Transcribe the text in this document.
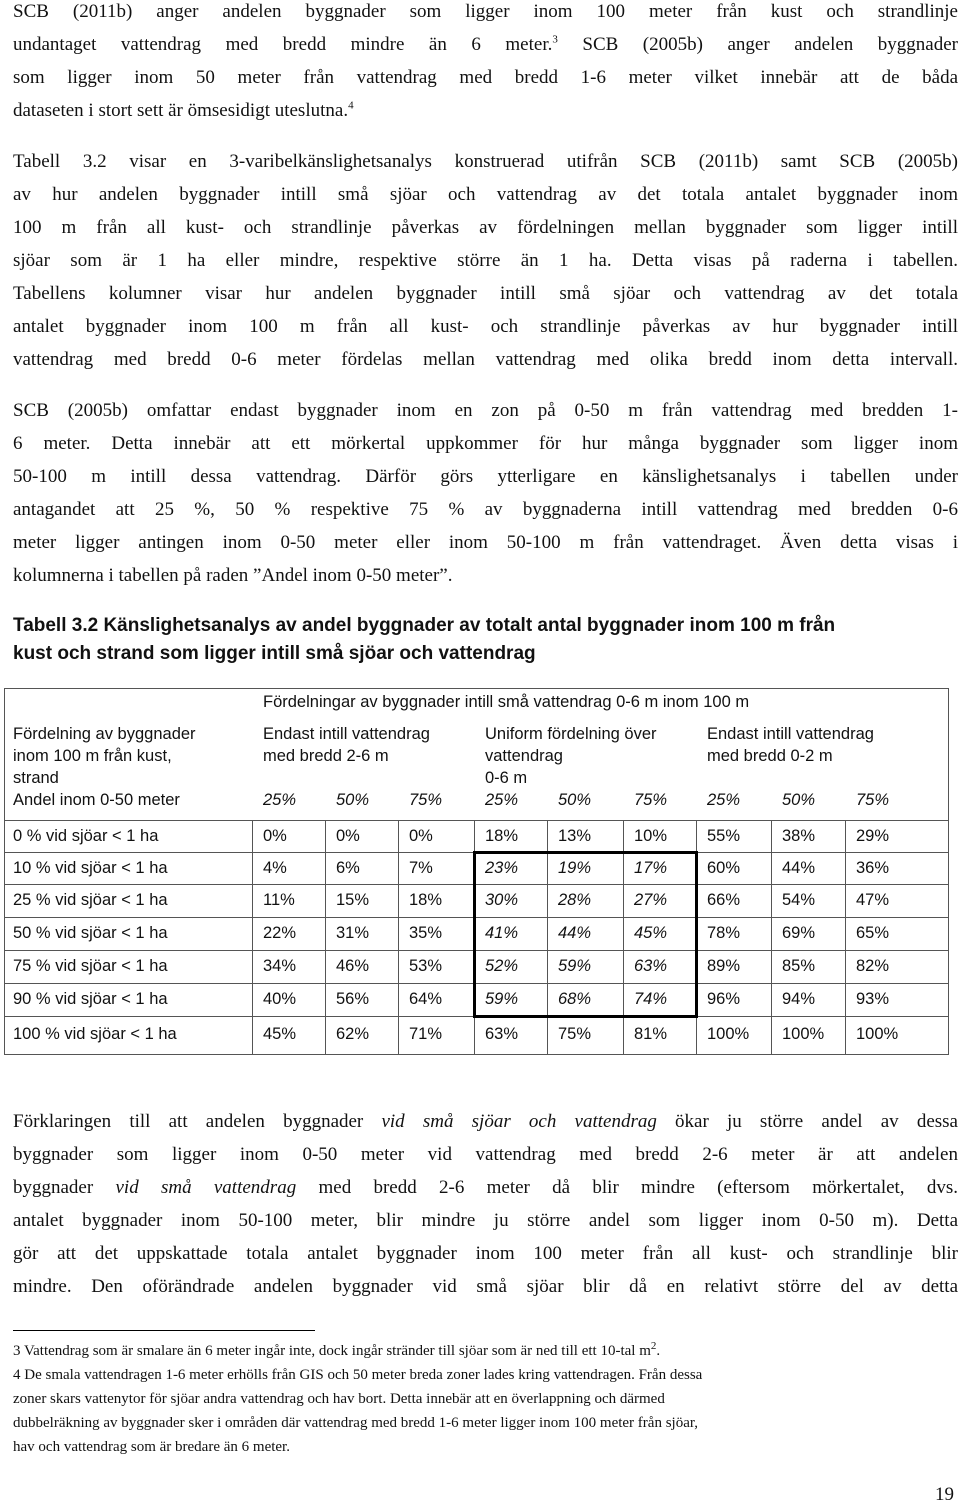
SCB (2011b) anger andelen byggnader som ligger inom 100 meter från kust och strandlinje
undantaget vattendrag med bredd mindre än 6 meter.$^3$ SCB (2005b) anger andelen byggnader
som ligger inom 50 meter från vattendrag med bredd 1-6 meter vilket innebär att de båda
dataseten i stort sett är ömsesidigt uteslutna.$^4$
Tabell 3.2 visar en 3-varibelkänslighetsanalys konstruerad utifrån SCB (2011b) samt SCB (2005b)
av hur andelen byggnader intill små sjöar och vattendrag av det totala antalet byggnader inom
100 m från all kust- och strandlinje påverkas av fördelningen mellan byggnader som ligger intill
sjöar som är 1 ha eller mindre, respektive större än 1 ha. Detta visas på raderna i tabellen.
Tabellens kolumner visar hur andelen byggnader intill små sjöar och vattendrag av det totala
antalet byggnader inom 100 m från all kust- och strandlinje påverkas av hur byggnader intill
vattendrag med bredd 0-6 meter fördelas mellan vattendrag med olika bredd inom detta intervall.
SCB (2005b) omfattar endast byggnader inom en zon på 0-50 m från vattendrag med bredden 1-
6 meter. Detta innebär att ett mörkertal uppkommer för hur många byggnader som ligger inom
50-100 m intill dessa vattendrag. Därför görs ytterligare en känslighetsanalys i tabellen under
antagandet att 25 %, 50 % respektive 75 % av byggnaderna intill vattendrag med bredden 0-6
meter ligger antingen inom 0-50 meter eller inom 50-100 m från vattendraget. Även detta visas i
kolumnerna i tabellen på raden ”Andel inom 0-50 meter”.
Tabell 3.2 Känslighetsanalys av andel byggnader av totalt antal byggnader inom 100 m från
kust och strand som ligger intill små sjöar och vattendrag
Fördelningar av byggnader intill små vattendrag 0-6 m inom 100 m
Fördelning av byggnader
inom 100 m från kust,
strand
Endast intill vattendrag
med bredd 2-6 m
Uniform fördelning över
vattendrag
0-6 m
Endast intill vattendrag
med bredd 0-2 m
Andel inom 0-50 meter	25% 50% 75%	25% 50%	75% 25%	50% 75%
0 % vid sjöar < 1 ha	0%	0%	0%	18% 13%	10% 55%	38% 29%
10 % vid sjöar < 1 ha	4%	6%	7%	23% 19%	17% 60%	44% 36%
25 % vid sjöar < 1 ha	11% 15% 18%	30% 28%	27% 66%	54% 47%
50 % vid sjöar < 1 ha	22% 31% 35%	41% 44%	45% 78%	69% 65%
75 % vid sjöar < 1 ha	34% 46% 53%	52% 59%	63% 89%	85% 82%
90 % vid sjöar < 1 ha	40% 56% 64%	59% 68%	74% 96%	94% 93%
100 % vid sjöar < 1 ha	45% 62% 71%	63% 75%	81% 100% 100% 100%
Förklaringen till att andelen byggnader vid små sjöar och vattendrag ökar ju större andel av dessa
byggnader som ligger inom 0-50 meter vid vattendrag med bredd 2-6 meter är att andelen
byggnader vid små vattendrag med bredd 2-6 meter då blir mindre (eftersom mörkertalet, dvs.
antalet byggnader inom 50-100 meter, blir mindre ju större andel som ligger inom 0-50 m). Detta
gör att det uppskattade totala antalet byggnader inom 100 meter från all kust- och strandlinje blir
mindre. Den oförändrade andelen byggnader vid små sjöar blir då en relativt större del av detta
3 Vattendrag som är smalare än 6 meter ingår inte, dock ingår stränder till sjöar som är ned till ett 10-tal $m^2$.
4 De smala vattendragen 1-6 meter erhölls från GIS och 50 meter breda zoner lades kring vattendragen. Från dessa
zoner skars vattenytor för sjöar andra vattendrag och hav bort. Detta innebär att en överlappning och därmed
dubbelräkning av byggnader sker i områden där vattendrag med bredd 1-6 meter ligger inom 100 meter från sjöar,
hav och vattendrag som är bredare än 6 meter.
19
